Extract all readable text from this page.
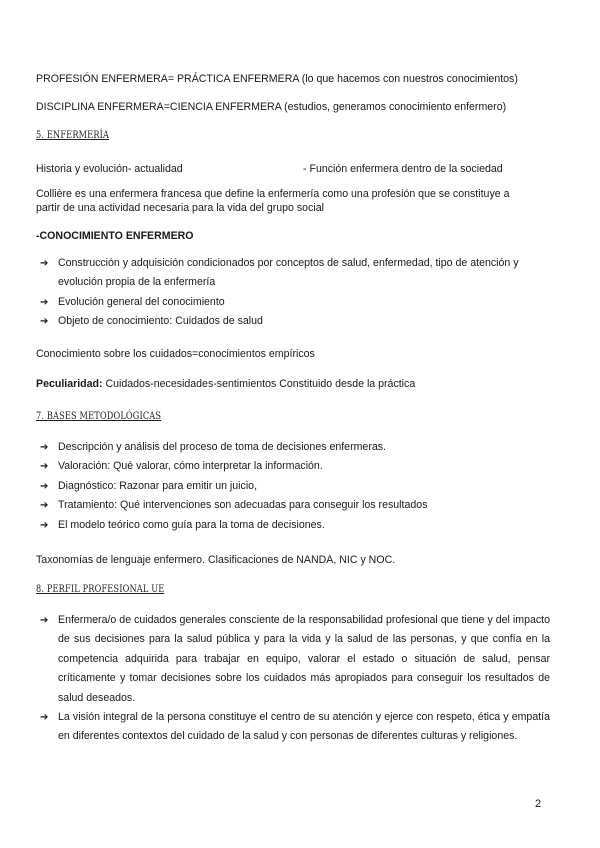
PROFESIÓN ENFERMERA= PRÁCTICA ENFERMERA (lo que hacemos con nuestros conocimientos)
DISCIPLINA ENFERMERA=CIENCIA ENFERMERA (estudios, generamos conocimiento enfermero)
5. ENFERMERÍA
Historia y evolución- actualidad	- Función enfermera dentro de la sociedad
Collière es una enfermera francesa que define la enfermería como una profesión que se constituye a
partir de una actividad necesaria para la vida del grupo social
-CONOCIMIENTO ENFERMERO
➔ Construcción y adquisición condicionados por conceptos de salud, enfermedad, tipo de atención y evolución propia de la enfermería
➔ Evolución general del conocimiento
➔ Objeto de conocimiento: Cuidados de salud
Conocimiento sobre los cuidados=conocimientos empíricos
Peculiaridad: Cuidados-necesidades-sentimientos Constituido desde la práctica
7. BASES METODOLÓGICAS
➔ Descripción y análisis del proceso de toma de decisiones enfermeras.
➔ Valoración: Qué valorar, cómo interpretar la información.
➔ Diagnóstico: Razonar para emitir un juicio,
➔ Tratamiento: Qué intervenciones son adecuadas para conseguir los resultados
➔ El modelo teórico como guía para la toma de decisiones.
Taxonomías de lenguaje enfermero. Clasificaciones de NANDA, NIC y NOC.
8. PERFIL PROFESIONAL UE
➔ Enfermera/o de cuidados generales consciente de la responsabilidad profesional que tiene y del impacto de sus decisiones para la salud pública y para la vida y la salud de las personas, y que confía en la competencia adquirida para trabajar en equipo, valorar el estado o situación de salud, pensar críticamente y tomar decisiones sobre los cuidados más apropiados para conseguir los resultados de salud deseados.
➔ La visión integral de la persona constituye el centro de su atención y ejerce con respeto, ética y empatía en diferentes contextos del cuidado de la salud y con personas de diferentes culturas y religiones.
2
